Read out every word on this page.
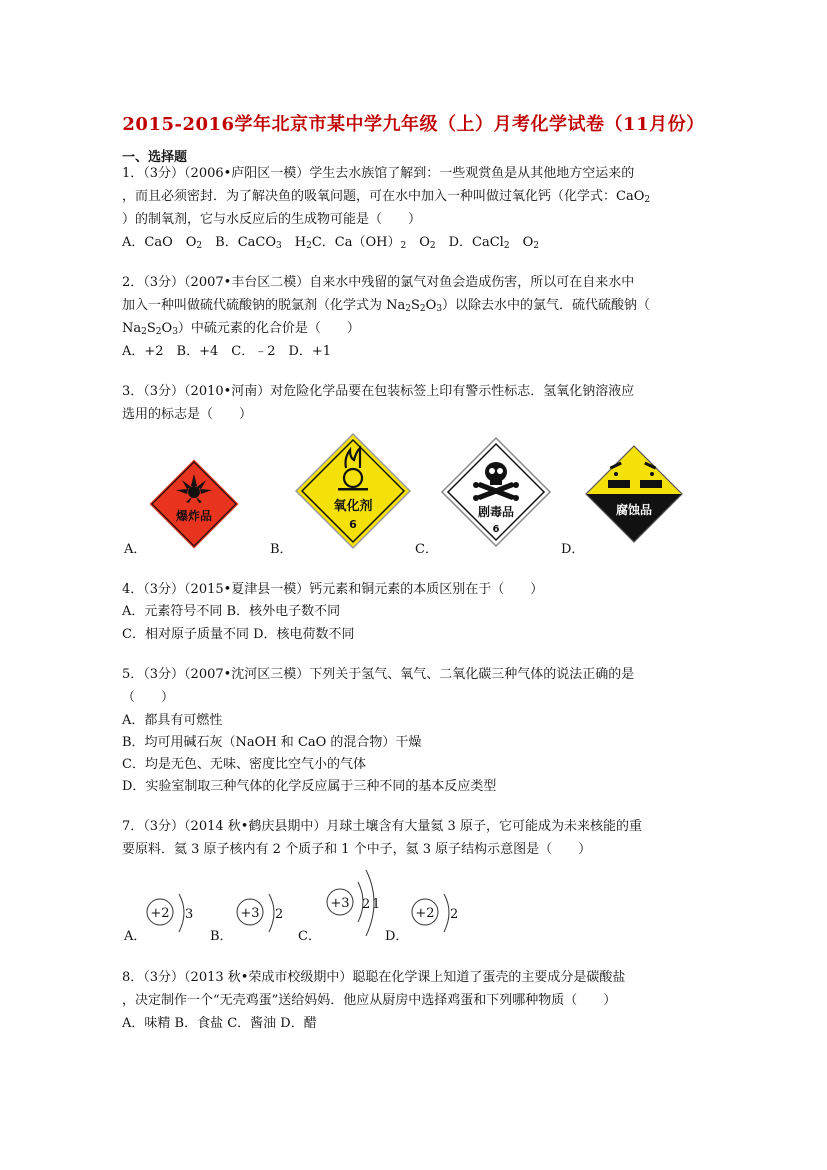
2015-2016学年北京市某中学九年级（上）月考化学试卷（11月份）
一、选择题
1．（3分）（2006•庐阳区一模）学生去水族馆了解到：一些观赏鱼是从其他地方空运来的
，而且必须密封．为了解决鱼的吸氧问题，可在水中加入一种叫做过氧化钙（化学式：CaO$_2$
）的制氧剂，它与水反应后的生成物可能是（　　）
A．CaO　$O_2$　B．CaCO$_3$　$H_2C$．$Ca(OH)_2$　$O_2$　D．CaCl$_2$　$O_2$
2．（3分）（2007•丰台区二模）自来水中残留的氯气对鱼会造成伤害，所以可在自来水中
加入一种叫做硫代硫酸钠的脱氯剂（化学式为 $Na_2S_2O_3$）以除去水中的氯气．硫代硫酸钠（
$Na_2S_2O_3$）中硫元素的化合价是（　　）
A．+2　B．+4　C．﹣2　D．+1
3．（3分）（2010•河南）对危险化学品要在包装标签上印有警示性标志．氢氧化钠溶液应
选用的标志是（　　）
A．	B．	C．	D．
爆炸品
氧化剂
6
剧毒品
6
腐蚀品
4．（3分）（2015•夏津县一模）钙元素和铜元素的本质区别在于（　　）
A．元素符号不同 B．核外电子数不同
C．相对原子质量不同 D．核电荷数不同
5．（3分）（2007•沈河区三模）下列关于氢气、氧气、二氧化碳三种气体的说法正确的是
（　　）
A．都具有可燃性
B．均可用碱石灰（NaOH 和 CaO 的混合物）干燥
C．均是无色、无味、密度比空气小的气体
D．实验室制取三种气体的化学反应属于三种不同的基本反应类型
7．（3分）（2014 秋•鹤庆县期中）月球土壤含有大量氦 3 原子，它可能成为未来核能的重
要原料．氦 3 原子核内有 2 个质子和 1 个中子，氦 3 原子结构示意图是（　　）
A．	B．	C．	D．
+2 3	+3 2
+3 2 1
+2 2
8．（3分）（2013 秋•荣成市校级期中）聪聪在化学课上知道了蛋壳的主要成分是碳酸盐
，决定制作一个“无壳鸡蛋”送给妈妈．他应从厨房中选择鸡蛋和下列哪种物质（　　）
A．味精 B．食盐 C．酱油 D．醋
